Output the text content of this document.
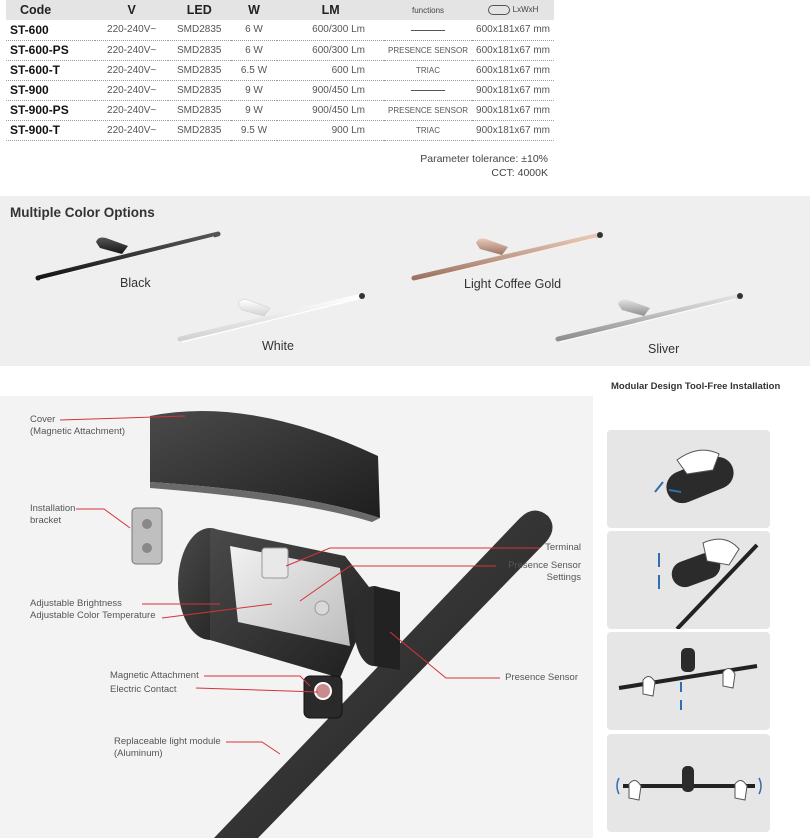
Code	V	LED	W	LM	functions	LxWxH
ST-600	220-240V~	SMD2835	6 W	600/300 Lm		600x181x67 mm
ST-600-PS	220-240V~	SMD2835	6 W	600/300 Lm	PRESENCE SENSOR	600x181x67 mm
ST-600-T	220-240V~	SMD2835	6.5 W	600 Lm	TRIAC	600x181x67 mm
ST-900	220-240V~	SMD2835	9 W	900/450 Lm		900x181x67 mm
ST-900-PS	220-240V~	SMD2835	9 W	900/450 Lm	PRESENCE SENSOR	900x181x67 mm
ST-900-T	220-240V~	SMD2835	9.5 W	900 Lm	TRIAC	900x181x67 mm
Parameter tolerance: ±10%
CCT: 4000K
Multiple Color Options
Black
White
Light Coffee Gold
Sliver
Cover
(Magnetic Attachment)
Installation
bracket
Adjustable Brightness
Adjustable Color Temperature
Magnetic Attachment
Electric Contact
Replaceable light module
(Aluminum)
Terminal
Presence Sensor
Settings
Presence Sensor
Modular Design Tool-Free Installation
